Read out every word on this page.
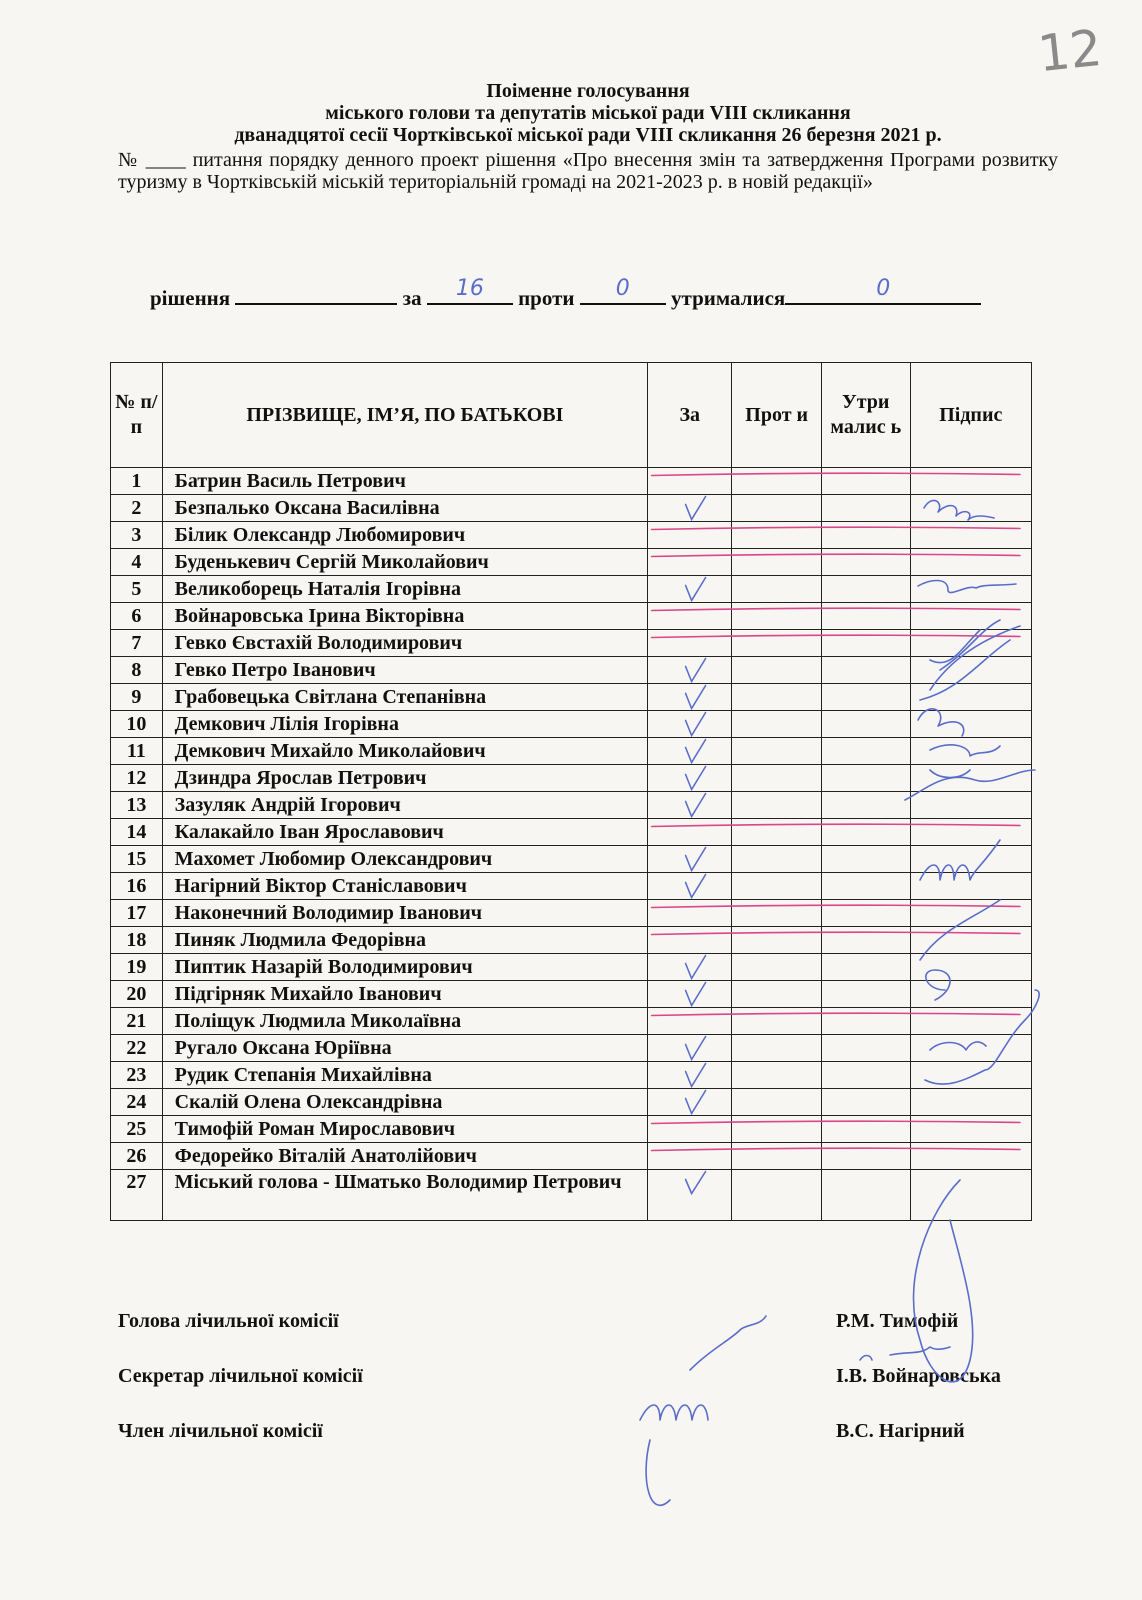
12
Поіменне голосування
міського голови та депутатів міської ради VIII скликання
дванадцятої сесії Чортківської міської ради VIII скликання 26 березня 2021 р.
№ ____ питання порядку денного проект рішення «Про внесення змін та затвердження Програми розвитку туризму в Чортківській міській територіальній громаді на 2021-2023 р. в новій редакції»
рішення	за	16	проти	0	утрималися	0
№ п/п	ПРІЗВИЩЕ, ІМ’Я, ПО БАТЬКОВІ	За	Прот и	Утри малис ь	Підпис
1	Батрин Василь Петрович				
2	Безпалько Оксана Василівна				
3	Білик Олександр Любомирович				
4	Буденькевич Сергій Миколайович				
5	Великоборець Наталія Ігорівна				
6	Войнаровська Ірина Вікторівна				
7	Гевко Євстахій Володимирович				
8	Гевко Петро Іванович				
9	Грабовецька Світлана Степанівна				
10	Демкович Лілія Ігорівна				
11	Демкович Михайло Миколайович				
12	Дзиндра Ярослав Петрович				
13	Зазуляк Андрій Ігорович				
14	Калакайло Іван Ярославович				
15	Махомет Любомир Олександрович				
16	Нагірний Віктор Станіславович				
17	Наконечний Володимир Іванович				
18	Пиняк Людмила Федорівна				
19	Пиптик Назарій Володимирович				
20	Підгірняк Михайло Іванович				
21	Поліщук Людмила Миколаївна				
22	Ругало Оксана Юріївна				
23	Рудик Степанія Михайлівна				
24	Скалій Олена Олександрівна				
25	Тимофій Роман Мирославович				
26	Федорейко Віталій Анатолійович				
27	Міський голова - Шматько Володимир Петрович				
Голова лічильної комісії	Р.М. Тимофій
Секретар лічильної комісії	І.В. Войнаровська
Член лічильної комісії	В.С. Нагірний
